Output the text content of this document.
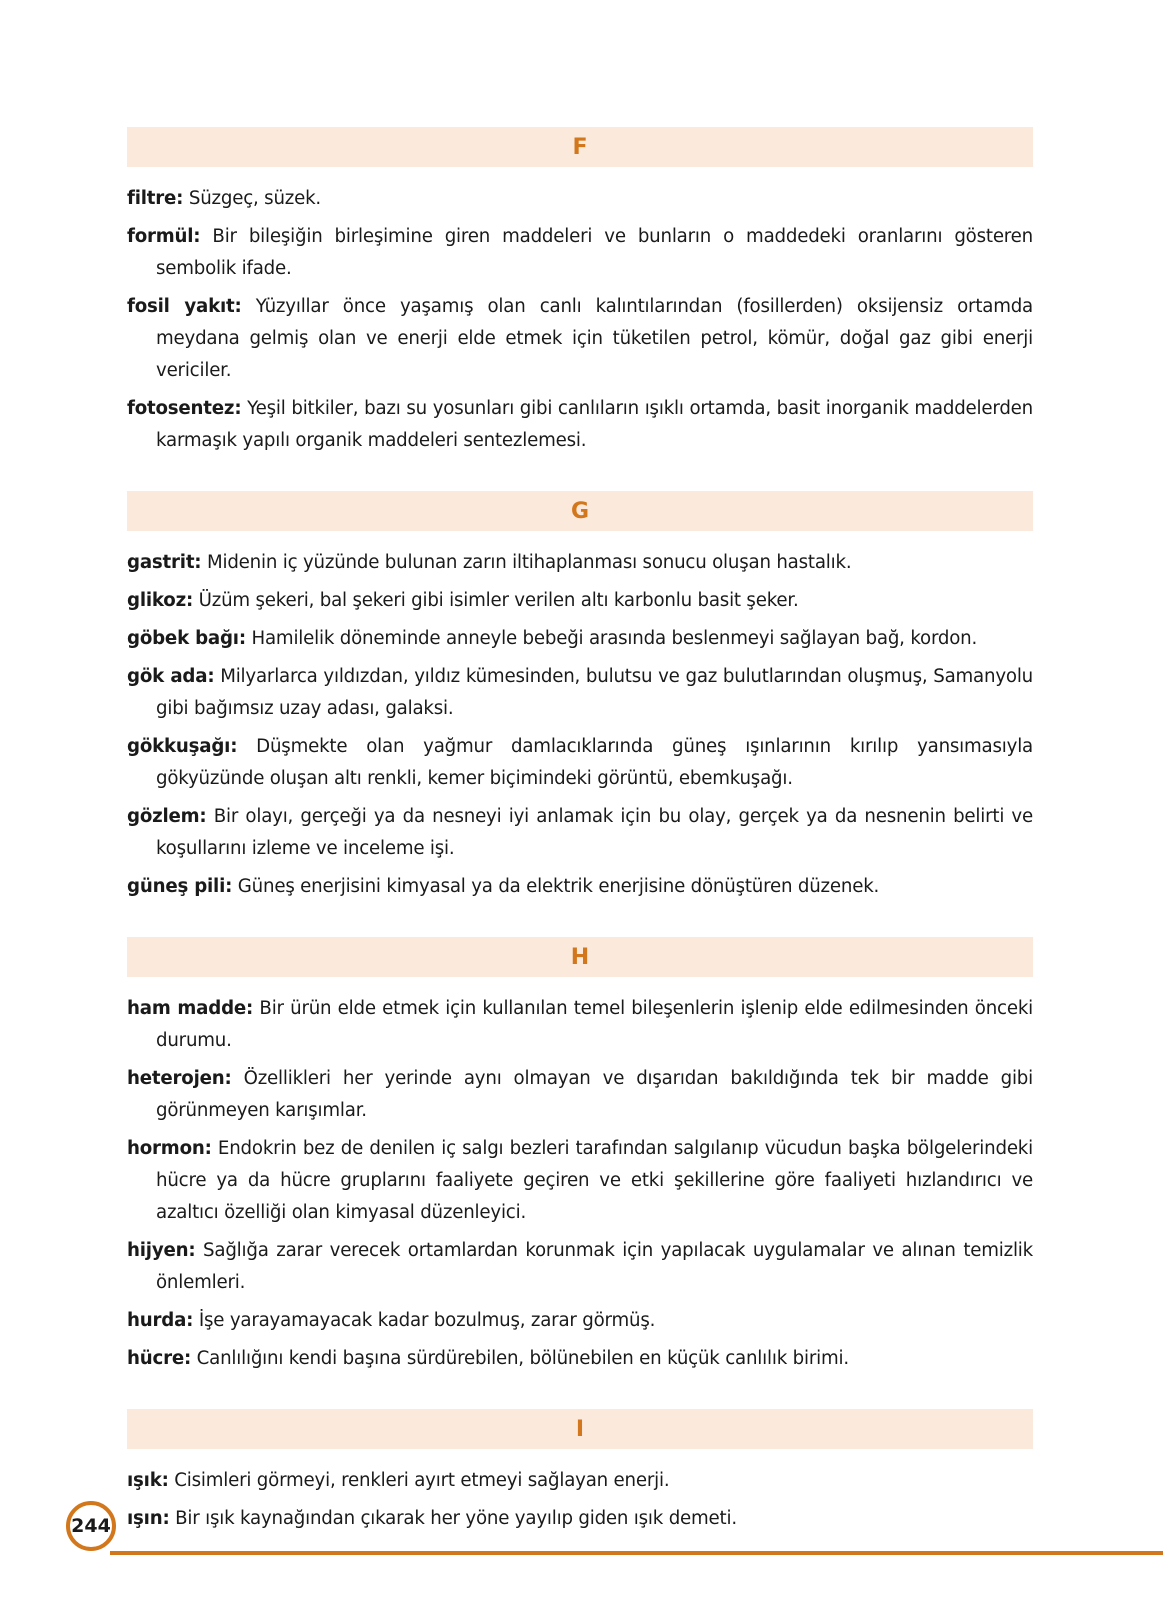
F
filtre: Süzgeç, süzek.
formül: Bir bileşiğin birleşimine giren maddeleri ve bunların o maddedeki oranlarını gösteren sembolik ifade.
fosil yakıt: Yüzyıllar önce yaşamış olan canlı kalıntılarından (fosillerden) oksijensiz ortamda meydana gelmiş olan ve enerji elde etmek için tüketilen petrol, kömür, doğal gaz gibi enerji vericiler.
fotosentez: Yeşil bitkiler, bazı su yosunları gibi canlıların ışıklı ortamda, basit inorganik maddelerden karmaşık yapılı organik maddeleri sentezlemesi.
G
gastrit: Midenin iç yüzünde bulunan zarın iltihaplanması sonucu oluşan hastalık.
glikoz: Üzüm şekeri, bal şekeri gibi isimler verilen altı karbonlu basit şeker.
göbek bağı: Hamilelik döneminde anneyle bebeği arasında beslenmeyi sağlayan bağ, kordon.
gök ada: Milyarlarca yıldızdan, yıldız kümesinden, bulutsu ve gaz bulutlarından oluşmuş, Samanyolu gibi bağımsız uzay adası, galaksi.
gökkuşağı: Düşmekte olan yağmur damlacıklarında güneş ışınlarının kırılıp yansımasıyla gökyüzünde oluşan altı renkli, kemer biçimindeki görüntü, ebemkuşağı.
gözlem: Bir olayı, gerçeği ya da nesneyi iyi anlamak için bu olay, gerçek ya da nesnenin belirti ve koşullarını izleme ve inceleme işi.
güneş pili: Güneş enerjisini kimyasal ya da elektrik enerjisine dönüştüren düzenek.
H
ham madde: Bir ürün elde etmek için kullanılan temel bileşenlerin işlenip elde edilmesinden önceki durumu.
heterojen: Özellikleri her yerinde aynı olmayan ve dışarıdan bakıldığında tek bir madde gibi görünmeyen karışımlar.
hormon: Endokrin bez de denilen iç salgı bezleri tarafından salgılanıp vücudun başka bölgelerindeki hücre ya da hücre gruplarını faaliyete geçiren ve etki şekillerine göre faaliyeti hızlandırıcı ve azaltıcı özelliği olan kimyasal düzenleyici.
hijyen: Sağlığa zarar verecek ortamlardan korunmak için yapılacak uygulamalar ve alınan temizlik önlemleri.
hurda: İşe yarayamayacak kadar bozulmuş, zarar görmüş.
hücre: Canlılığını kendi başına sürdürebilen, bölünebilen en küçük canlılık birimi.
I
ışık: Cisimleri görmeyi, renkleri ayırt etmeyi sağlayan enerji.
ışın: Bir ışık kaynağından çıkarak her yöne yayılıp giden ışık demeti.
244
